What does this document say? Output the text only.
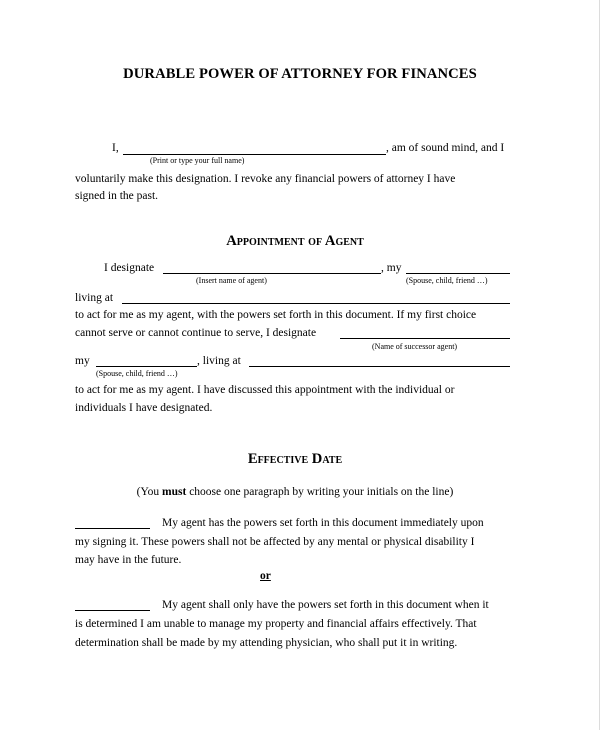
DURABLE POWER OF ATTORNEY FOR FINANCES
I,	, am of sound mind, and I
(Print or type your full name)
voluntarily make this designation. I revoke any financial powers of attorney I have
signed in the past.
Appointment of Agent
I designate	, my
(Insert name of agent)	(Spouse, child, friend …)
living at
to act for me as my agent, with the powers set forth in this document. If my first choice
cannot serve or cannot continue to serve, I designate
(Name of successor agent)
my	, living at
(Spouse, child, friend …)
to act for me as my agent. I have discussed this appointment with the individual or
individuals I have designated.
Effective Date
(You must choose one paragraph by writing your initials on the line)
My agent has the powers set forth in this document immediately upon
my signing it. These powers shall not be affected by any mental or physical disability I
may have in the future.
or
My agent shall only have the powers set forth in this document when it
is determined I am unable to manage my property and financial affairs effectively. That
determination shall be made by my attending physician, who shall put it in writing.
